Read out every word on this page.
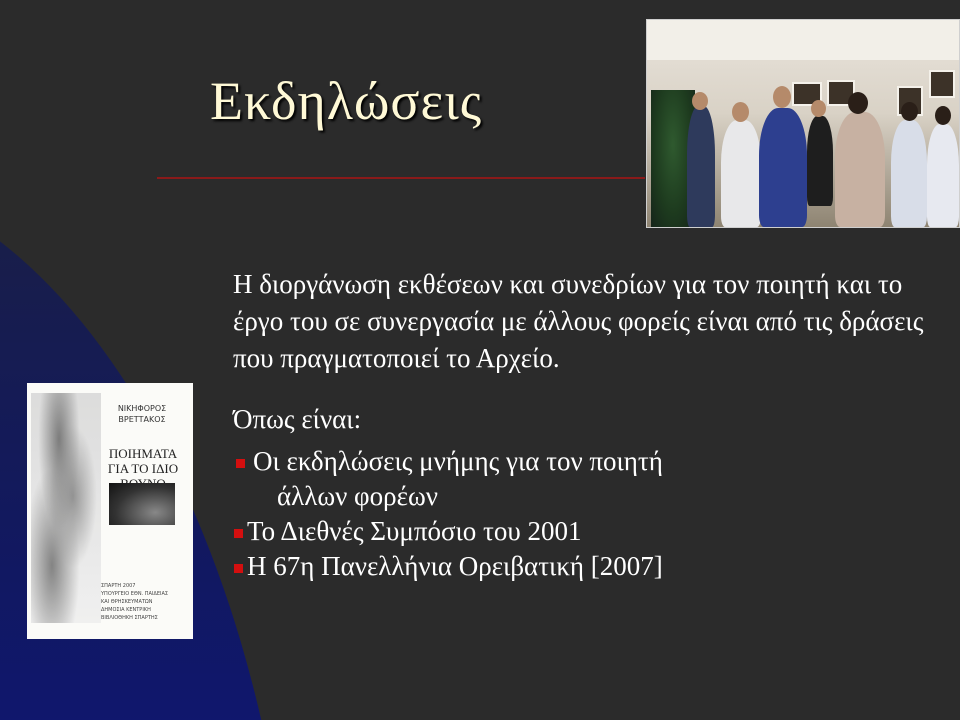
Εκδηλώσεις
ΝΙΚΗΦΟΡΟΣ
ΒΡΕΤΤΑΚΟΣ
ΠΟΙΗΜΑΤΑ
ΓΙΑ ΤΟ ΙΔΙΟ

ΣΠΑΡΤΗ 2007
ΥΠΟΥΡΓΕΙΟ ΕΘΝ. ΠΑΙΔΕΙΑΣ
ΚΑΙ ΘΡΗΣΚΕΥΜΑΤΩΝ
ΔΗΜΟΣΙΑ ΚΕΝΤΡΙΚΗ
ΒΙΒΛΙΟΘΗΚΗ ΣΠΑΡΤΗΣ

Η διοργάνωση εκθέσεων και συνεδρίων για τον ποιητή και το έργο του σε συνεργασία με άλλους φορείς είναι από τις δράσεις που πραγματοποιεί το Αρχείο.

Όπως είναι:

Οι εκδηλώσεις μνήμης για τον ποιητή
άλλων φορέων
Το Διεθνές Συμπόσιο του 2001
Η 67η Πανελλήνια Ορειβατική [2007]
